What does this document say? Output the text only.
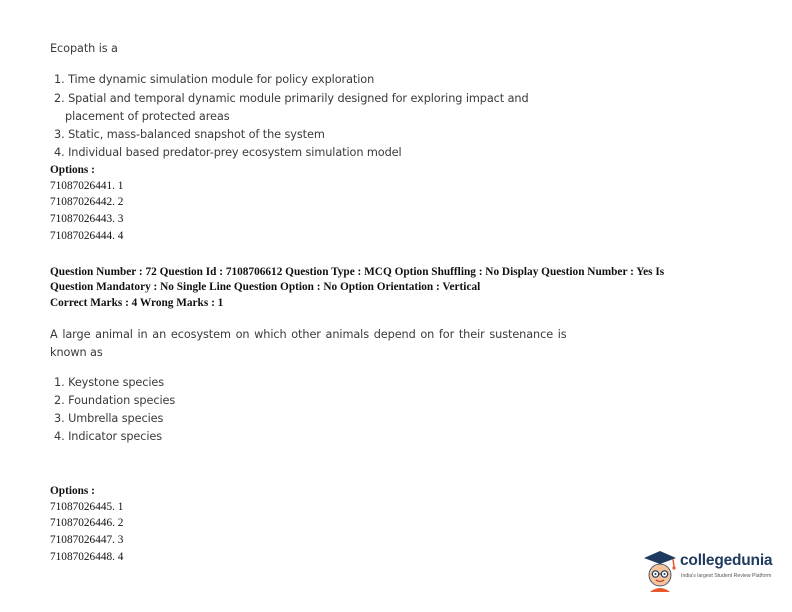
Ecopath is a
1. Time dynamic simulation module for policy exploration
2. Spatial and temporal dynamic module primarily designed for exploring impact and
placement of protected areas
3. Static, mass-balanced snapshot of the system
4. Individual based predator-prey ecosystem simulation model
Options :
71087026441. 1
71087026442. 2
71087026443. 3
71087026444. 4
Question Number : 72 Question Id : 7108706612 Question Type : MCQ Option Shuffling : No Display Question Number : Yes Is
Question Mandatory : No Single Line Question Option : No Option Orientation : Vertical
Correct Marks : 4 Wrong Marks : 1
A large animal in an ecosystem on which other animals depend on for their sustenance is
known as
1. Keystone species
2. Foundation species
3. Umbrella species
4. Indicator species
Options :
71087026445. 1
71087026446. 2
71087026447. 3
71087026448. 4	collegedunia
India's largest Student Review Platform
